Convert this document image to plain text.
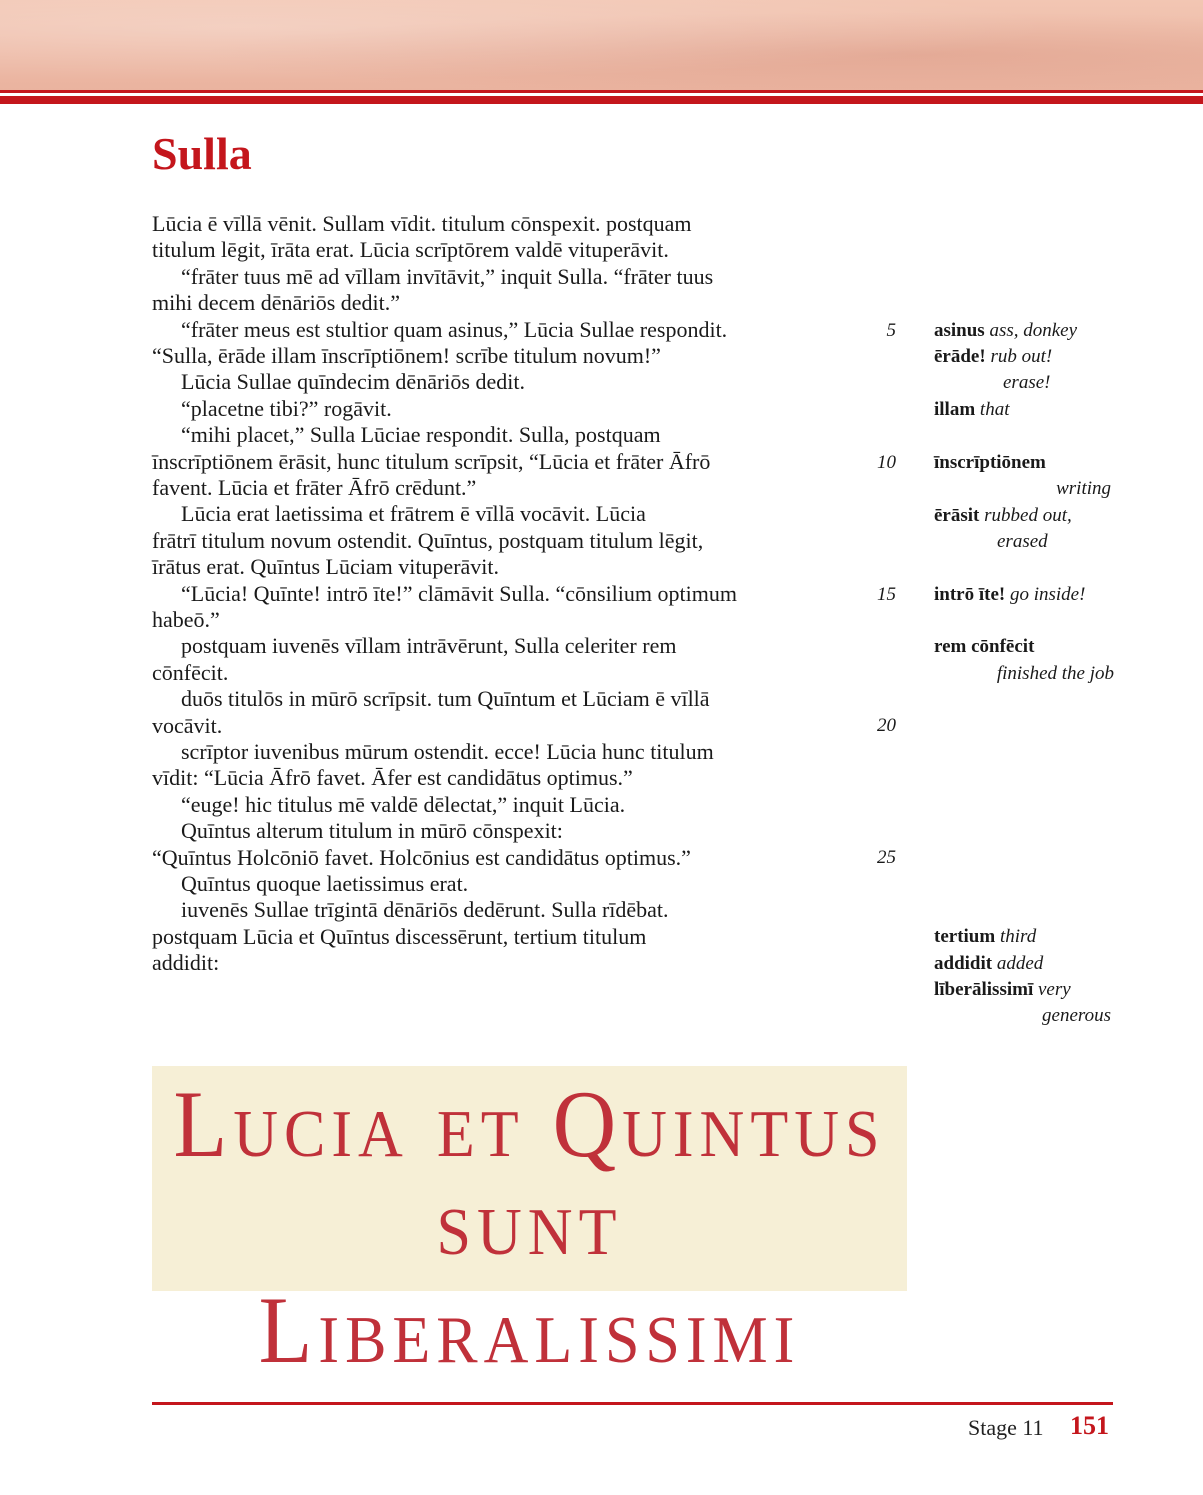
Sulla
Lūcia ē vīllā vēnit. Sullam vīdit. titulum cōnspexit. postquam
titulum lēgit, īrāta erat. Lūcia scrīptōrem valdē vituperāvit.
“frāter tuus mē ad vīllam invītāvit,” inquit Sulla. “frāter tuus
mihi decem dēnāriōs dedit.”
“frāter meus est stultior quam asinus,” Lūcia Sullae respondit.
“Sulla, ērāde illam īnscrīptiōnem! scrībe titulum novum!”
Lūcia Sullae quīndecim dēnāriōs dedit.
“placetne tibi?” rogāvit.
“mihi placet,” Sulla Lūciae respondit. Sulla, postquam
īnscrīptiōnem ērāsit, hunc titulum scrīpsit, “Lūcia et frāter Āfrō
favent. Lūcia et frāter Āfrō crēdunt.”
Lūcia erat laetissima et frātrem ē vīllā vocāvit. Lūcia
frātrī titulum novum ostendit. Quīntus, postquam titulum lēgit,
īrātus erat. Quīntus Lūciam vituperāvit.
“Lūcia! Quīnte! intrō īte!” clāmāvit Sulla. “cōnsilium optimum
habeō.”
postquam iuvenēs vīllam intrāvērunt, Sulla celeriter rem
cōnfēcit.
duōs titulōs in mūrō scrīpsit. tum Quīntum et Lūciam ē vīllā
vocāvit.
scrīptor iuvenibus mūrum ostendit. ecce! Lūcia hunc titulum
vīdit: “Lūcia Āfrō favet. Āfer est candidātus optimus.”
“euge! hic titulus mē valdē dēlectat,” inquit Lūcia.
Quīntus alterum titulum in mūrō cōnspexit:
“Quīntus Holcōniō favet. Holcōnius est candidātus optimus.”
Quīntus quoque laetissimus erat.
iuvenēs Sullae trīgintā dēnāriōs dedērunt. Sulla rīdēbat.
postquam Lūcia et Quīntus discessērunt, tertium titulum
addidit:
5
10
15
20
25
asinus ass, donkey
ērāde! rub out!
erase!
illam that
īnscrīptiōnem
writing
ērāsit rubbed out,
erased
intrō īte! go inside!
rem cōnfēcit
finished the job
tertium third
addidit added
līberālissimī very
generous
Lucia et Quintus
sunt Liberalissimi
Stage 11 151
